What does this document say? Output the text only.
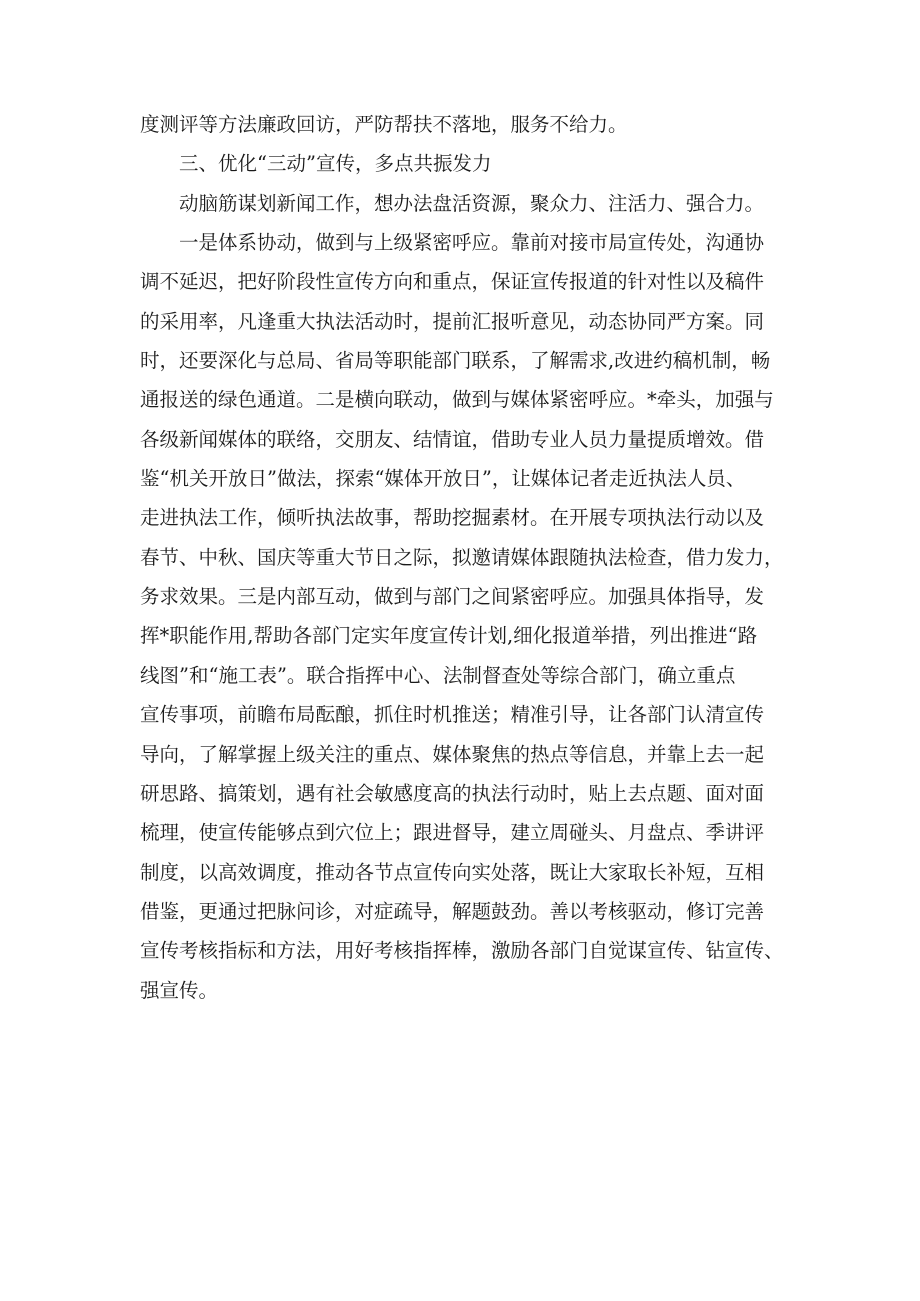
度测评等方法廉政回访，严防帮扶不落地，服务不给力。
三、优化“三动”宣传，多点共振发力
动脑筋谋划新闻工作，想办法盘活资源，聚众力、注活力、强合力。
一是体系协动，做到与上级紧密呼应。靠前对接市局宣传处，沟通协
调不延迟，把好阶段性宣传方向和重点，保证宣传报道的针对性以及稿件
的采用率，凡逢重大执法活动时，提前汇报听意见，动态协同严方案。同
时，还要深化与总局、省局等职能部门联系，了解需求,改进约稿机制，畅
通报送的绿色通道。二是横向联动，做到与媒体紧密呼应。*牵头，加强与
各级新闻媒体的联络，交朋友、结情谊，借助专业人员力量提质增效。借
鉴“机关开放日”做法，探索“媒体开放日”，让媒体记者走近执法人员、
走进执法工作，倾听执法故事，帮助挖掘素材。在开展专项执法行动以及
春节、中秋、国庆等重大节日之际，拟邀请媒体跟随执法检查，借力发力，
务求效果。三是内部互动，做到与部门之间紧密呼应。加强具体指导，发
挥*职能作用,帮助各部门定实年度宣传计划,细化报道举措，列出推进“路
线图”和“施工表”。联合指挥中心、法制督查处等综合部门，确立重点
宣传事项，前瞻布局酝酿，抓住时机推送；精准引导，让各部门认清宣传
导向，了解掌握上级关注的重点、媒体聚焦的热点等信息，并靠上去一起
研思路、搞策划，遇有社会敏感度高的执法行动时，贴上去点题、面对面
梳理，使宣传能够点到穴位上；跟进督导，建立周碰头、月盘点、季讲评
制度，以高效调度，推动各节点宣传向实处落，既让大家取长补短，互相
借鉴，更通过把脉问诊，对症疏导，解题鼓劲。善以考核驱动，修订完善
宣传考核指标和方法，用好考核指挥棒，激励各部门自觉谋宣传、钻宣传、
强宣传。
